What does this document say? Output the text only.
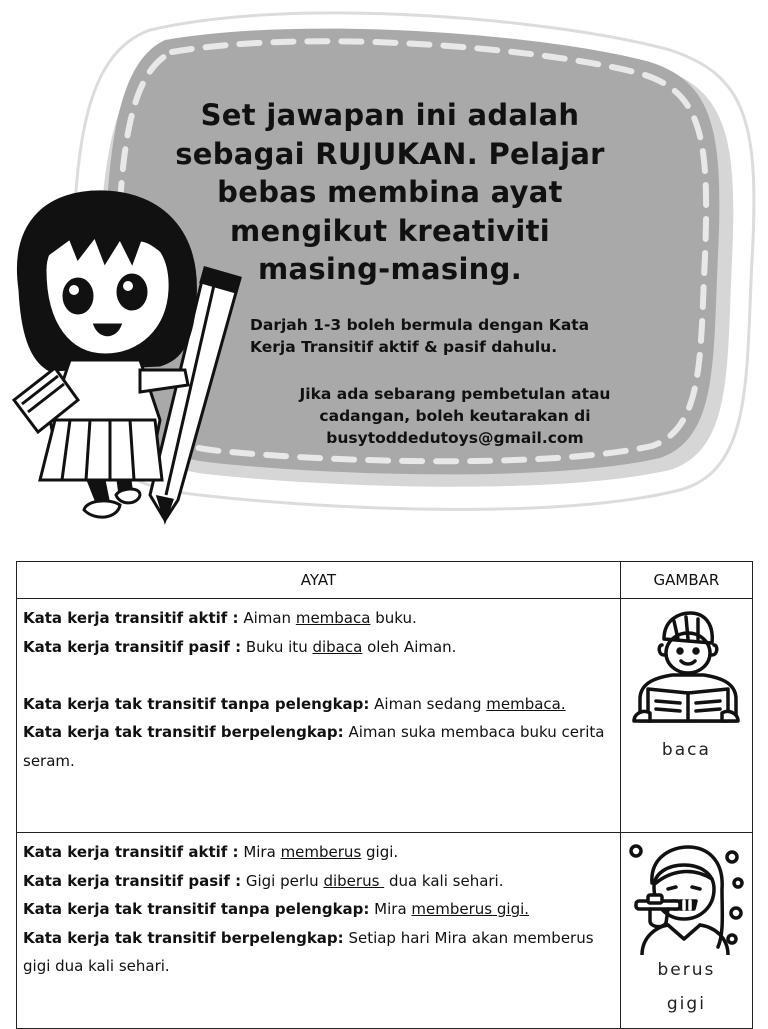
Set jawapan ini adalah
sebagai RUJUKAN. Pelajar
bebas membina ayat
mengikut kreativiti
masing-masing.
Darjah 1-3 boleh bermula dengan Kata
Kerja Transitif aktif & pasif dahulu.
Jika ada sebarang pembetulan atau
cadangan, boleh keutarakan di
busytoddedutoys@gmail.com
AYAT	GAMBAR

Kata kerja transitif aktif : Aiman membaca buku.
Kata kerja transitif pasif : Buku itu dibaca oleh Aiman.
Kata kerja tak transitif tanpa pelengkap: Aiman sedang membaca.
Kata kerja tak transitif berpelengkap: Aiman suka membaca buku cerita seram.	baca

Kata kerja transitif aktif : Mira memberus gigi.
Kata kerja transitif pasif : Gigi perlu diberus  dua kali sehari.
Kata kerja tak transitif tanpa pelengkap: Mira memberus gigi.
Kata kerja tak transitif berpelengkap: Setiap hari Mira akan memberus gigi dua kali sehari.	berus
gigi
